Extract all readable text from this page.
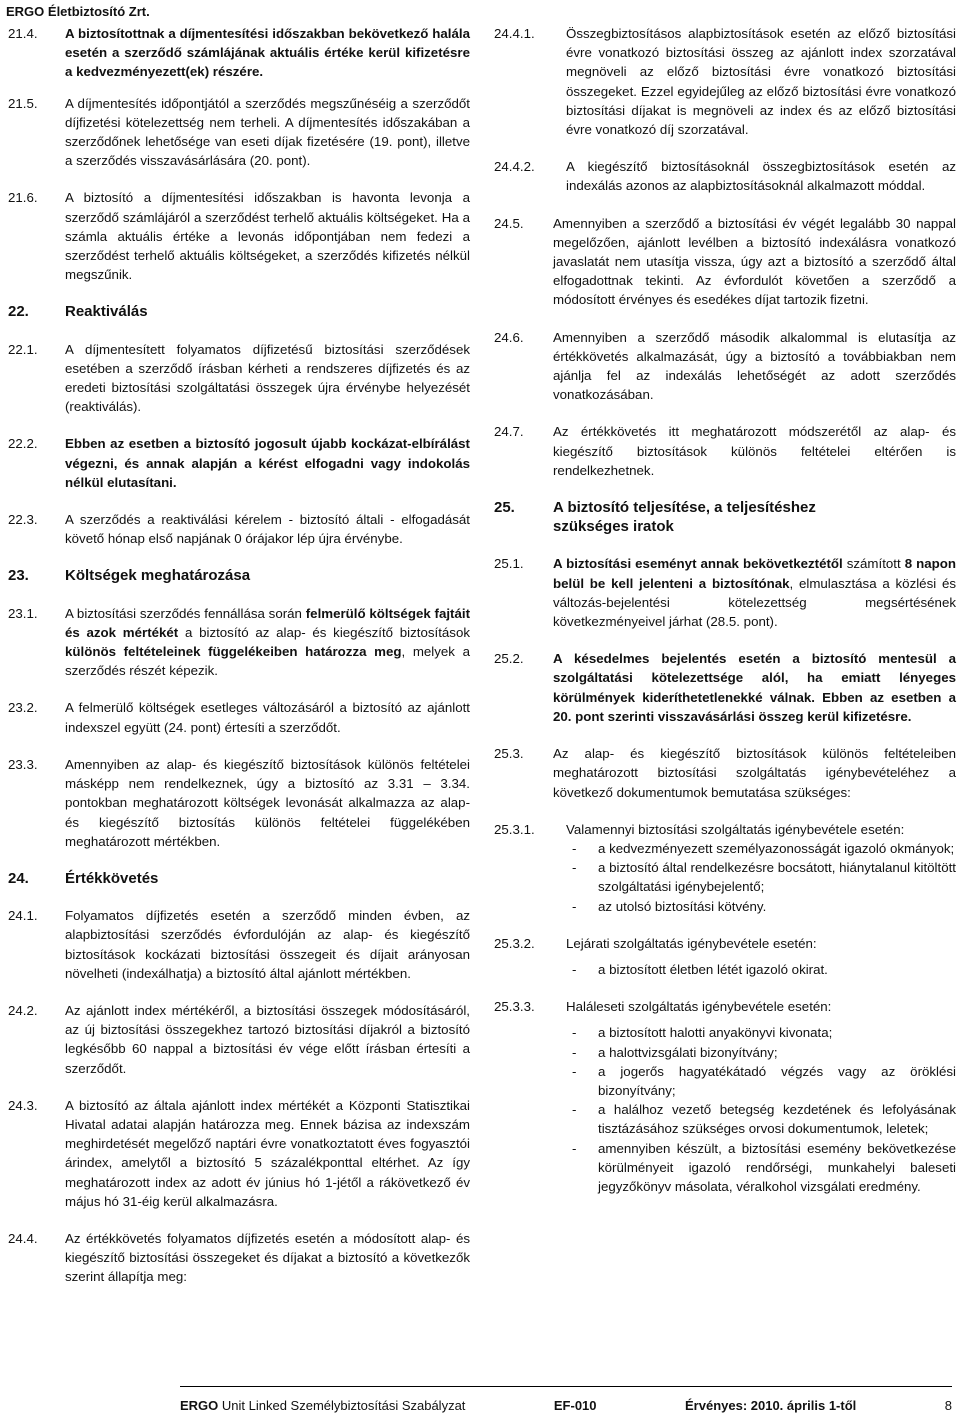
ERGO Életbiztosító Zrt.
21.4.	A biztosítottnak a díjmentesítési időszakban bekövetkező halála esetén a szerződő számlájának aktuális értéke kerül kifizetésre a kedvezményezett(ek) részére.
21.5.	A díjmentesítés időpontjától a szerződés megszűnéséig a szerződőt díjfizetési kötelezettség nem terheli. A díjmentesítés időszakában a szerződőnek lehetősége van eseti díjak fizetésére (19. pont), illetve a szerződés visszavásárlására (20. pont).
21.6.	A biztosító a díjmentesítési időszakban is havonta levonja a szerződő számlájáról a szerződést terhelő aktuális költségeket. Ha a számla aktuális értéke a levonás időpontjában nem fedezi a szerződést terhelő aktuális költségeket, a szerződés kifizetés nélkül megszűnik.
22.	Reaktiválás
22.1.	A díjmentesített folyamatos díjfizetésű biztosítási szerződések esetében a szerződő írásban kérheti a rendszeres díjfizetés és az eredeti biztosítási szolgáltatási összegek újra érvénybe helyezését (reaktiválás).
22.2.	Ebben az esetben a biztosító jogosult újabb kockázat-elbírálást végezni, és annak alapján a kérést elfogadni vagy indokolás nélkül elutasítani.
22.3.	A szerződés a reaktiválási kérelem - biztosító általi - elfogadását követő hónap első napjának 0 órájakor lép újra érvénybe.
23.	Költségek meghatározása
23.1.	A biztosítási szerződés fennállása során felmerülő költségek fajtáit és azok mértékét a biztosító az alap- és kiegészítő biztosítások különös feltételeinek függelékeiben határozza meg, melyek a szerződés részét képezik.
23.2.	A felmerülő költségek esetleges változásáról a biztosító az ajánlott indexszel együtt (24. pont) értesíti a szerződőt.
23.3.	Amennyiben az alap- és kiegészítő biztosítások különös feltételei másképp nem rendelkeznek, úgy a biztosító az 3.31 – 3.34. pontokban meghatározott költségek levonását alkalmazza az alap- és kiegészítő biztosítás különös feltételei függelékében meghatározott mértékben.
24.	Értékkövetés
24.1.	Folyamatos díjfizetés esetén a szerződő minden évben, az alapbiztosítási szerződés évfordulóján az alap- és kiegészítő biztosítások kockázati biztosítási összegeit és díjait arányosan növelheti (indexálhatja) a biztosító által ajánlott mértékben.
24.2.	Az ajánlott index mértékéről, a biztosítási összegek módosításáról, az új biztosítási összegekhez tartozó biztosítási díjakról a biztosító legkésőbb 60 nappal a biztosítási év vége előtt írásban értesíti a szerződőt.
24.3.	A biztosító az általa ajánlott index mértékét a Központi Statisztikai Hivatal adatai alapján határozza meg. Ennek bázisa az indexszám meghirdetését megelőző naptári évre vonatkoztatott éves fogyasztói árindex, amelytől a biztosító 5 százalékponttal eltérhet. Az így meghatározott index az adott év június hó 1-jétől a rákövetkező év május hó 31-éig kerül alkalmazásra.
24.4.	Az értékkövetés folyamatos díjfizetés esetén a módosított alap- és kiegészítő biztosítási összegeket és díjakat a biztosító a következők szerint állapítja meg:
24.4.1.	Összegbiztosításos alapbiztosítások esetén az előző biztosítási évre vonatkozó biztosítási összeg az ajánlott index szorzatával megnöveli az előző biztosítási évre vonatkozó biztosítási összegeket. Ezzel egyidejűleg az előző biztosítási évre vonatkozó biztosítási díjakat is megnöveli az index és az előző biztosítási évre vonatkozó díj szorzatával.
24.4.2.	A kiegészítő biztosításoknál összegbiztosítások esetén az indexálás azonos az alapbiztosításoknál alkalmazott móddal.
24.5.	Amennyiben a szerződő a biztosítási év végét legalább 30 nappal megelőzően, ajánlott levélben a biztosító indexálásra vonatkozó javaslatát nem utasítja vissza, úgy azt a biztosító a szerződő által elfogadottnak tekinti. Az évfordulót követően a szerződő a módosított érvényes és esedékes díjat tartozik fizetni.
24.6.	Amennyiben a szerződő második alkalommal is elutasítja az értékkövetés alkalmazását, úgy a biztosító a továbbiakban nem ajánlja fel az indexálás lehetőségét az adott szerződés vonatkozásában.
24.7.	Az értékkövetés itt meghatározott módszerétől az alap- és kiegészítő biztosítások különös feltételei eltérően is rendelkezhetnek.
25.	A biztosító teljesítése, a teljesítéshez szükséges iratok
25.1.	A biztosítási eseményt annak bekövetkeztétől számított 8 napon belül be kell jelenteni a biztosítónak, elmulasztása a közlési és változás-bejelentési kötelezettség megsértésének következményeivel járhat (28.5. pont).
25.2.	A késedelmes bejelentés esetén a biztosító mentesül a szolgáltatási kötelezettsége alól, ha emiatt lényeges körülmények kideríthetetlenekké válnak. Ebben az esetben a 20. pont szerinti visszavásárlási összeg kerül kifizetésre.
25.3.	Az alap- és kiegészítő biztosítások különös feltételeiben meghatározott biztosítási szolgáltatás igénybevételéhez a következő dokumentumok bemutatása szükséges:
25.3.1.	Valamennyi biztosítási szolgáltatás igénybevétele esetén:
-	a kedvezményezett személyazonosságát igazoló okmányok;
-	a biztosító által rendelkezésre bocsátott, hiánytalanul kitöltött szolgáltatási igénybejelentő;
-	az utolsó biztosítási kötvény.
25.3.2.	Lejárati szolgáltatás igénybevétele esetén:
-	a biztosított életben létét igazoló okirat.
25.3.3.	Haláleseti szolgáltatás igénybevétele esetén:
-	a biztosított halotti anyakönyvi kivonata;
-	a halottvizsgálati bizonyítvány;
-	a jogerős hagyatékátadó végzés vagy az öröklési bizonyítvány;
-	a halálhoz vezető betegség kezdetének és lefolyásának tisztázásához szükséges orvosi dokumentumok, leletek;
-	amennyiben készült, a biztosítási esemény bekövetkezése körülményeit igazoló rendőrségi, munkahelyi baleseti jegyzőkönyv másolata, véralkohol vizsgálati eredmény.
ERGO Unit Linked Személybiztosítási Szabályzat	EF-010	Érvényes: 2010. április 1-től	8
